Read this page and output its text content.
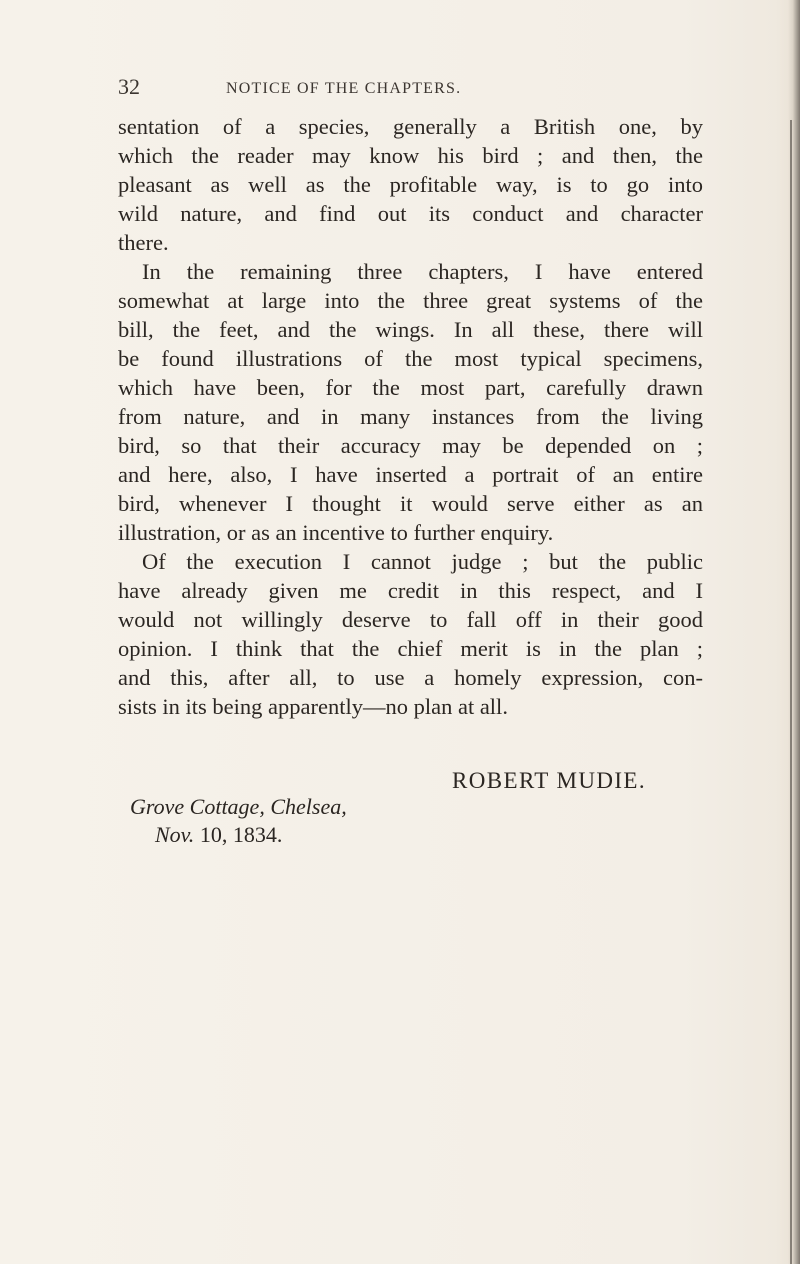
32	NOTICE OF THE CHAPTERS.
sentation of a species, generally a British one, by
which the reader may know his bird ; and then, the
pleasant as well as the profitable way, is to go into
wild nature, and find out its conduct and character
there.
In the remaining three chapters, I have entered
somewhat at large into the three great systems of the
bill, the feet, and the wings. In all these, there will
be found illustrations of the most typical specimens,
which have been, for the most part, carefully drawn
from nature, and in many instances from the living
bird, so that their accuracy may be depended on ;
and here, also, I have inserted a portrait of an entire
bird, whenever I thought it would serve either as an
illustration, or as an incentive to further enquiry.
Of the execution I cannot judge ; but the public
have already given me credit in this respect, and I
would not willingly deserve to fall off in their good
opinion. I think that the chief merit is in the plan ;
and this, after all, to use a homely expression, con-
sists in its being apparently—no plan at all.
ROBERT MUDIE.
Grove Cottage, Chelsea,
Nov. 10, 1834.
